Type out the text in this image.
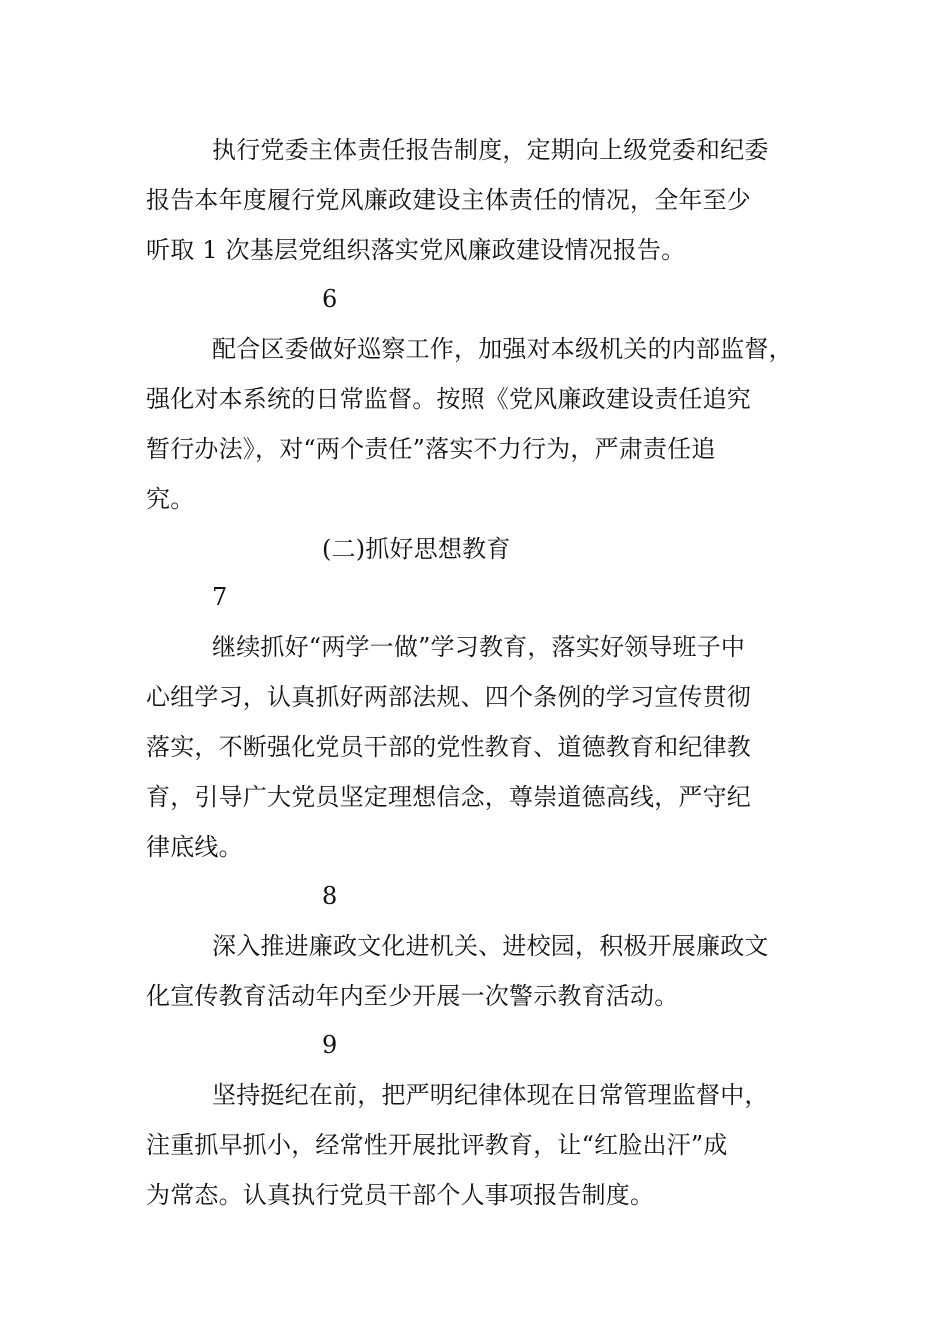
执行党委主体责任报告制度，定期向上级党委和纪委
报告本年度履行党风廉政建设主体责任的情况，全年至少
听取 1 次基层党组织落实党风廉政建设情况报告。
6
配合区委做好巡察工作，加强对本级机关的内部监督，
强化对本系统的日常监督。按照《党风廉政建设责任追究
暂行办法》，对“两个责任”落实不力行为，严肃责任追
究。
(二)抓好思想教育
7
继续抓好“两学一做”学习教育，落实好领导班子中
心组学习，认真抓好两部法规、四个条例的学习宣传贯彻
落实，不断强化党员干部的党性教育、道德教育和纪律教
育，引导广大党员坚定理想信念，尊崇道德高线，严守纪
律底线。
8
深入推进廉政文化进机关、进校园，积极开展廉政文
化宣传教育活动年内至少开展一次警示教育活动。
9
坚持挺纪在前，把严明纪律体现在日常管理监督中，
注重抓早抓小，经常性开展批评教育，让“红脸出汗”成
为常态。认真执行党员干部个人事项报告制度。
